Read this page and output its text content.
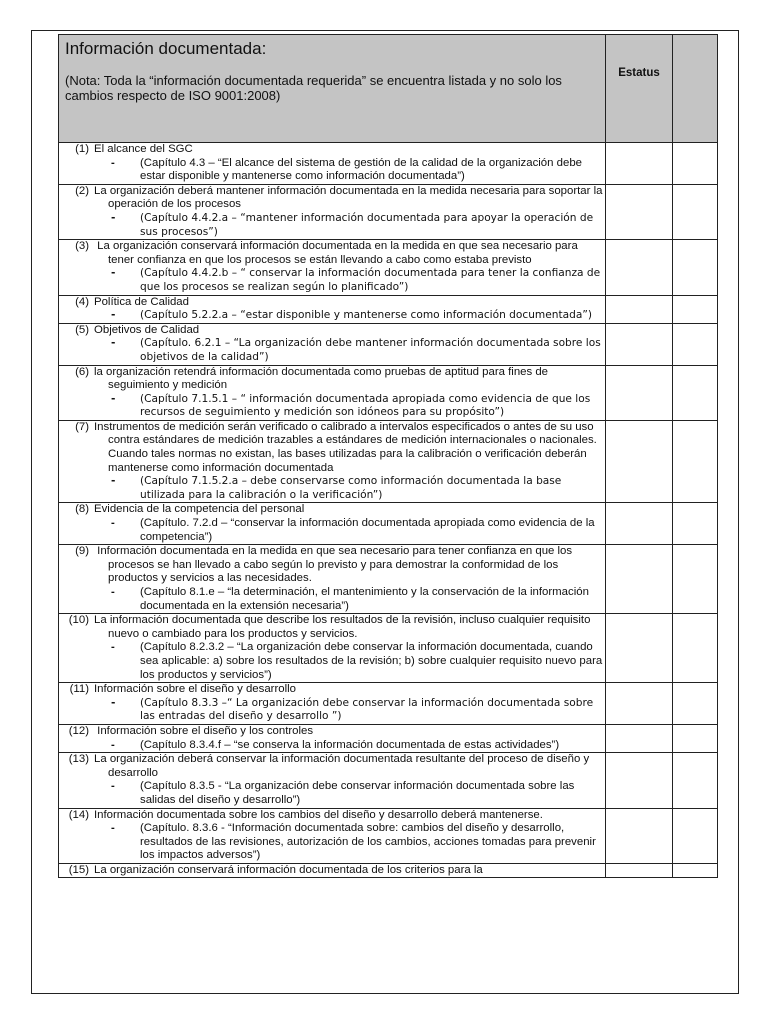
Información documentada:
(Nota: Toda la “información documentada requerida” se encuentra listada y no solo los cambios respecto de ISO 9001:2008)	Estatus	

(1) El alcance del SGC
- (Capítulo 4.3 – “El alcance del sistema de gestión de la calidad de la organización debe estar disponible y mantenerse como información documentada”)		

(2) La organización deberá mantener información documentada en la medida necesaria para soportar la operación de los procesos
- (Capítulo 4.4.2.a – “mantener información documentada para apoyar la operación de sus procesos”)		

(3) La organización conservará información documentada en la medida en que sea necesario para tener confianza en que los procesos se están llevando a cabo como estaba previsto
- (Capítulo 4.4.2.b – “ conservar la información documentada para tener la confianza de que los procesos se realizan según lo planificado”)		

(4) Política de Calidad
- (Capítulo 5.2.2.a – “estar disponible y mantenerse como información documentada”)		

(5) Objetivos de Calidad
- (Capítulo. 6.2.1 – “La organización debe mantener información documentada sobre los objetivos de la calidad”)		

(6) la organización retendrá información documentada como pruebas de aptitud para fines de seguimiento y medición
- (Capítulo 7.1.5.1 – “ información documentada apropiada como evidencia de que los recursos de seguimiento y medición son idóneos para su propósito”)		

(7) Instrumentos de medición serán verificado o calibrado a intervalos especificados o antes de su uso contra estándares de medición trazables a estándares de medición internacionales o nacionales. Cuando tales normas no existan, las bases utilizadas para la calibración o verificación deberán mantenerse como información documentada
- (Capítulo 7.1.5.2.a – debe conservarse como información documentada la base utilizada para la calibración o la verificación”)		

(8) Evidencia de la competencia del personal
- (Capítulo. 7.2.d – “conservar la información documentada apropiada como evidencia de la competencia”)		

(9) Información documentada en la medida en que sea necesario para tener confianza en que los procesos se han llevado a cabo según lo previsto y para demostrar la conformidad de los productos y servicios a las necesidades.
- (Capítulo 8.1.e – “la determinación, el mantenimiento y la conservación de la información documentada en la extensión necesaria”)		

(10) La información documentada que describe los resultados de la revisión, incluso cualquier requisito nuevo o cambiado para los productos y servicios.
- (Capítulo 8.2.3.2 – “La organización debe conservar la información documentada, cuando sea aplicable: a) sobre los resultados de la revisión; b) sobre cualquier requisito nuevo para los productos y servicios”)		

(11) Información sobre el diseño y desarrollo
- (Capítulo 8.3.3 –“ La organización debe conservar la información documentada sobre las entradas del diseño y desarrollo ”)		

(12) Información sobre el diseño y los controles
- (Capítulo 8.3.4.f – “se conserva la información documentada de estas actividades”)		

(13) La organización deberá conservar la información documentada resultante del proceso de diseño y desarrollo
- (Capítulo 8.3.5 - “La organización debe conservar información documentada sobre las salidas del diseño y desarrollo”)		

(14) Información documentada sobre los cambios del diseño y desarrollo deberá mantenerse.
- (Capítulo. 8.3.6 - “Información documentada sobre: cambios del diseño y desarrollo, resultados de las revisiones, autorización de los cambios, acciones tomadas para prevenir los impactos adversos”)		

(15) La organización conservará información documentada de los criterios para la		
